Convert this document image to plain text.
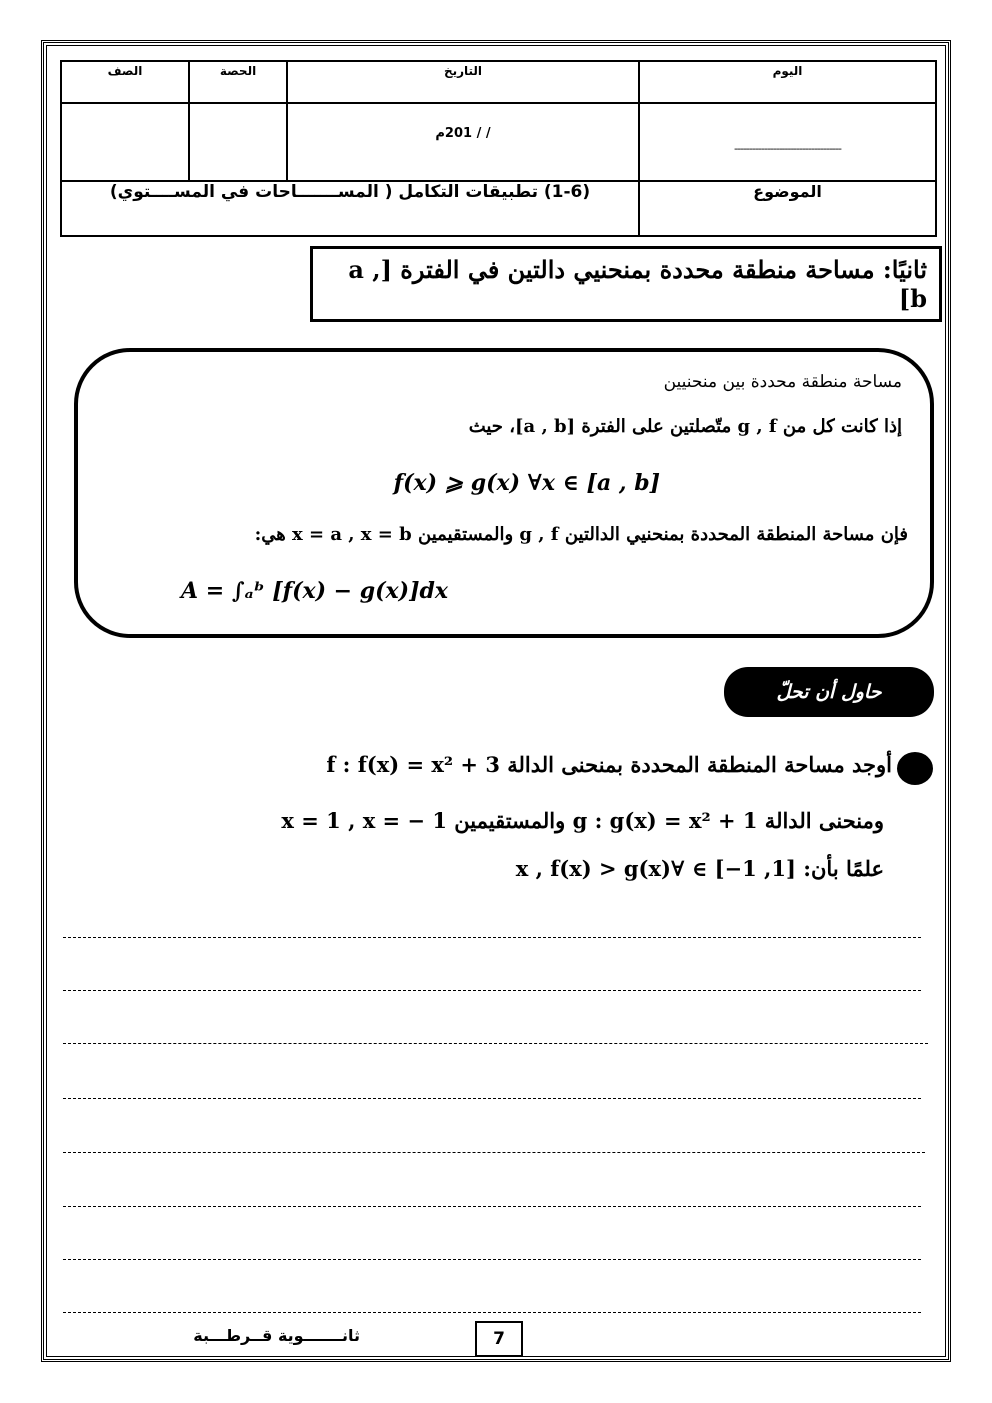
اليوم	التاريخ	الحصة	الصف

------------------------------------	/ / 201م		

الموضوع	(1-6) تطبيقات التكامل ( المســـــــاحات في المســــتوي)		
ثانيًا: مساحة منطقة محددة بمنحنيي دالتين في الفترة [a , b]
مساحة منطقة محددة بين منحنيين
إذا كانت كل من g , f متّصلتين على الفترة [a , b]، حيث
f(x) ⩾ g(x) ∀x ∈ [a , b]
فإن مساحة المنطقة المحددة بمنحنيي الدالتين g , f والمستقيمين x = a , x = b هي:
A = ∫ₐᵇ [f(x) − g(x)]dx
حاول أن تحلّ
أوجد مساحة المنطقة المحددة بمنحنى الدالة f : f(x) = x² + 3
ومنحنى الدالة g : g(x) = x² + 1 والمستقيمين x = 1 , x = − 1
علمًا بأن: [1, 1−] ∋ ∀x , f(x) > g(x)
ثانـــــــوية قــرطـــبة	7
